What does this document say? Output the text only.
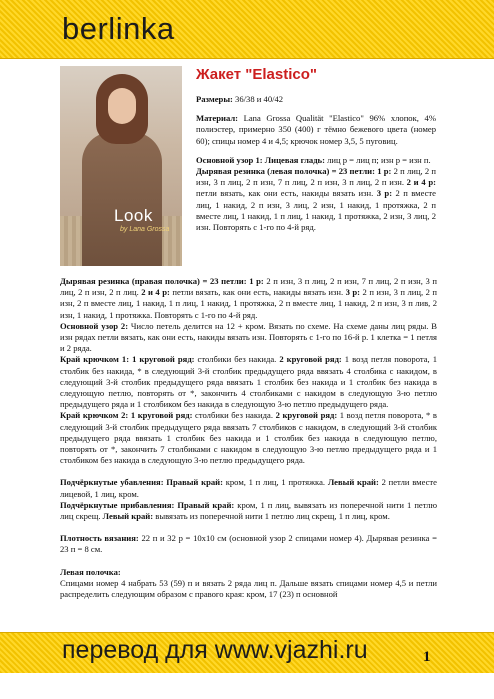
berlinka
Look
by Lana Grossa
Жакет "Elastico"

Размеры: 36/38 и 40/42

Материал: Lana Grossa Qualität "Elastico" 96% хлопок, 4% полиэстер, примерно 350 (400) г тёмно бежевого цвета (номер 60); спицы номер 4 и 4,5; крючок номер 3,5, 5 пуговиц.

Основной узор 1: Лицевая гладь: лиц р = лиц п; изн р = изн п.

Дырявая резинка (левая полочка) = 23 петли: 1 р: 2 п лиц, 2 п изн, 3 п лиц, 2 п изн, 7 п лиц, 2 п изн, 3 п лиц, 2 п изн. 2 и 4 р: петли вязать, как они есть, накиды вязать изн. 3 р: 2 п вместе лиц, 1 накид, 2 п изн, 3 лиц, 2 изн, 1 накид, 1 протяжка, 2 п вместе лиц, 1 накид, 1 п лиц, 1 накид, 1 протяжка, 2 изн, 3 лиц, 2 изн. Повторять с 1-го по 4-й ряд.

Дырявая резинка (правая полочка) = 23 петли: 1 р: 2 п изн, 3 п лиц, 2 п изн, 7 п лиц, 2 п изн, 3 п лиц, 2 п изн, 2 п лиц. 2 и 4 р: петли вязать, как они есть, накиды вязать изн. 3 р: 2 п изн, 3 п лиц, 2 п изн, 2 п вместе лиц, 1 накид, 1 п лиц, 1 накид, 1 протяжка, 2 п вместе лиц, 1 накид, 2 п изн, 3 п лив, 2 изн, 1 накид, 1 протяжка. Повторять с 1-го по 4-й ряд.

Основной узор 2: Число петель делится на 12 + кром. Вязать по схеме. На схеме даны лиц ряды. В изн рядах петли вязать, как они есть, накиды вязать изн. Повторять с 1-го по 16-й р. 1 клетка = 1 петля и 2 ряда.

Край крючком 1: 1 круговой ряд: столбики без накида. 2 круговой ряд: 1 возд петля поворота, 1 столбик без накида, * в следующий 3-й столбик предыдущего ряда ввязать 4 столбика с накидом, в следующий 3-й столбик предыдущего ряда ввязать 1 столбик без накида и 1 столбик без накида в следующую петлю, повторять от *, закончить 4 столбиками с накидом в следующую 3-ю петлю предыдущего ряда и 1 столбиком без накида в следующую 3-ю петлю предыдущего ряда.

Край крючком 2: 1 круговой ряд: столбики без накида. 2 круговой ряд: 1 возд петля поворота, * в следующий 3-й столбик предыдущего ряда ввязать 7 столбиков с накидом, в следующий 3-й столбик предыдущего ряда ввязать 1 столбик без накида и 1 столбик без накида в следующую петлю, повторять от *, закончить 7 столбиками с накидом в следующую 3-ю петлю предыдущего ряда и 1 столбиком без накида в следующую 3-ю петлю предыдущего ряда.

Подчёркнутые убавления: Правый край: кром, 1 п лиц, 1 протяжка. Левый край: 2 петли вместе лицевой, 1 лиц, кром.

Подчёркнутые прибавления: Правый край: кром, 1 п лиц, вывязать из поперечной нити 1 петлю лиц скрещ. Левый край: вывязать из поперечной нити 1 петлю лиц скрещ, 1 п лиц, кром.

Плотность вязания: 22 п и 32 р = 10х10 см (основной узор 2 спицами номер 4). Дырявая резинка = 23 п = 8 см.

Левая полочка:

Спицами номер 4 набрать 53 (59) п и вязать 2 ряда лиц п. Дальше вязать спицами номер 4,5 и петли распределить следующим образом с правого края: кром, 17 (23) п основной

перевод для www.vjazhi.ru	1
